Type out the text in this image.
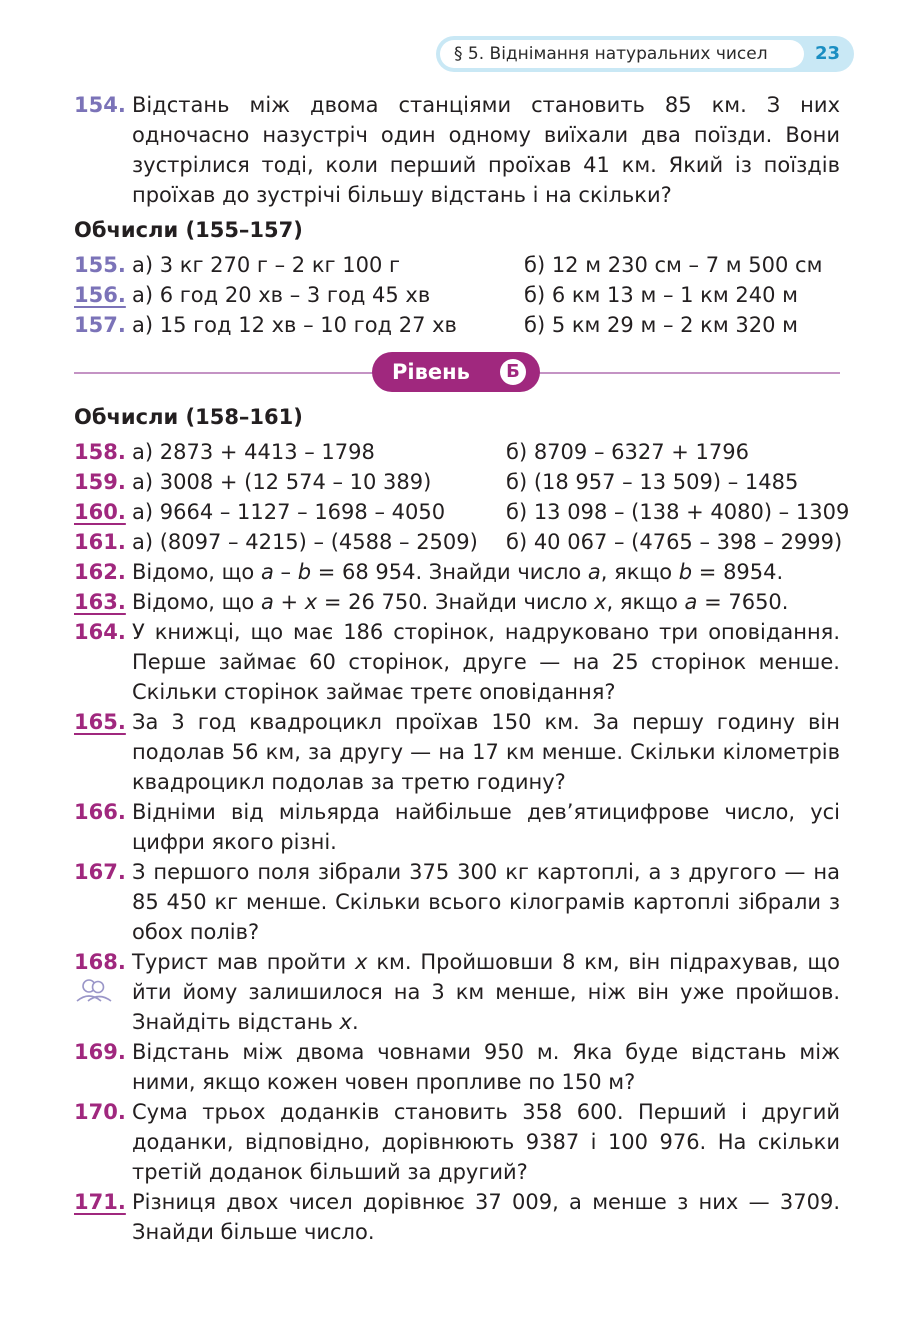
§ 5. Віднімання натуральних чисел	23
154. Відстань між двома станціями становить 85 км. З них одночасно назустріч один одному виїхали два поїзди. Вони зустрілися тоді, коли перший проїхав 41 км. Який із поїздів проїхав до зустрічі більшу відстань і на скільки?
Обчисли (155–157)
155. а) 3 кг 270 г – 2 кг 100 г	б) 12 м 230 см – 7 м 500 см
156. а) 6 год 20 хв – 3 год 45 хв	б) 6 км 13 м – 1 км 240 м
157. а) 15 год 12 хв – 10 год 27 хв	б) 5 км 29 м – 2 км 320 м
Рівень	Б
Обчисли (158–161)
158. а) 2873 + 4413 – 1798	б) 8709 – 6327 + 1796
159. а) 3008 + (12 574 – 10 389)	б) (18 957 – 13 509) – 1485
160. а) 9664 – 1127 – 1698 – 4050	б) 13 098 – (138 + 4080) – 1309
161. а) (8097 – 4215) – (4588 – 2509)	б) 40 067 – (4765 – 398 – 2999)
162. Відомо, що a – b = 68 954. Знайди число a, якщо b = 8954.
163. Відомо, що a + x = 26 750. Знайди число x, якщо a = 7650.
164. У книжці, що має 186 сторінок, надруковано три оповідання. Перше займає 60 сторінок, друге — на 25 сторінок менше. Скільки сторінок займає третє оповідання?
165. За 3 год квадроцикл проїхав 150 км. За першу годину він подолав 56 км, за другу — на 17 км менше. Скільки кілометрів квадроцикл подолав за третю годину?
166. Відніми від мільярда найбільше дев’ятицифрове число, усі цифри якого різні.
167. З першого поля зібрали 375 300 кг картоплі, а з другого — на 85 450 кг менше. Скільки всього кілограмів картоплі зібрали з обох полів?
168. Турист мав пройти x км. Пройшовши 8 км, він підрахував, що йти йому залишилося на 3 км менше, ніж він уже пройшов. Знайдіть відстань x.
169. Відстань між двома човнами 950 м. Яка буде відстань між ними, якщо кожен човен пропливе по 150 м?
170. Сума трьох доданків становить 358 600. Перший і другий доданки, відповідно, дорівнюють 9387 і 100 976. На скільки третій доданок більший за другий?
171. Різниця двох чисел дорівнює 37 009, а менше з них — 3709. Знайди більше число.
